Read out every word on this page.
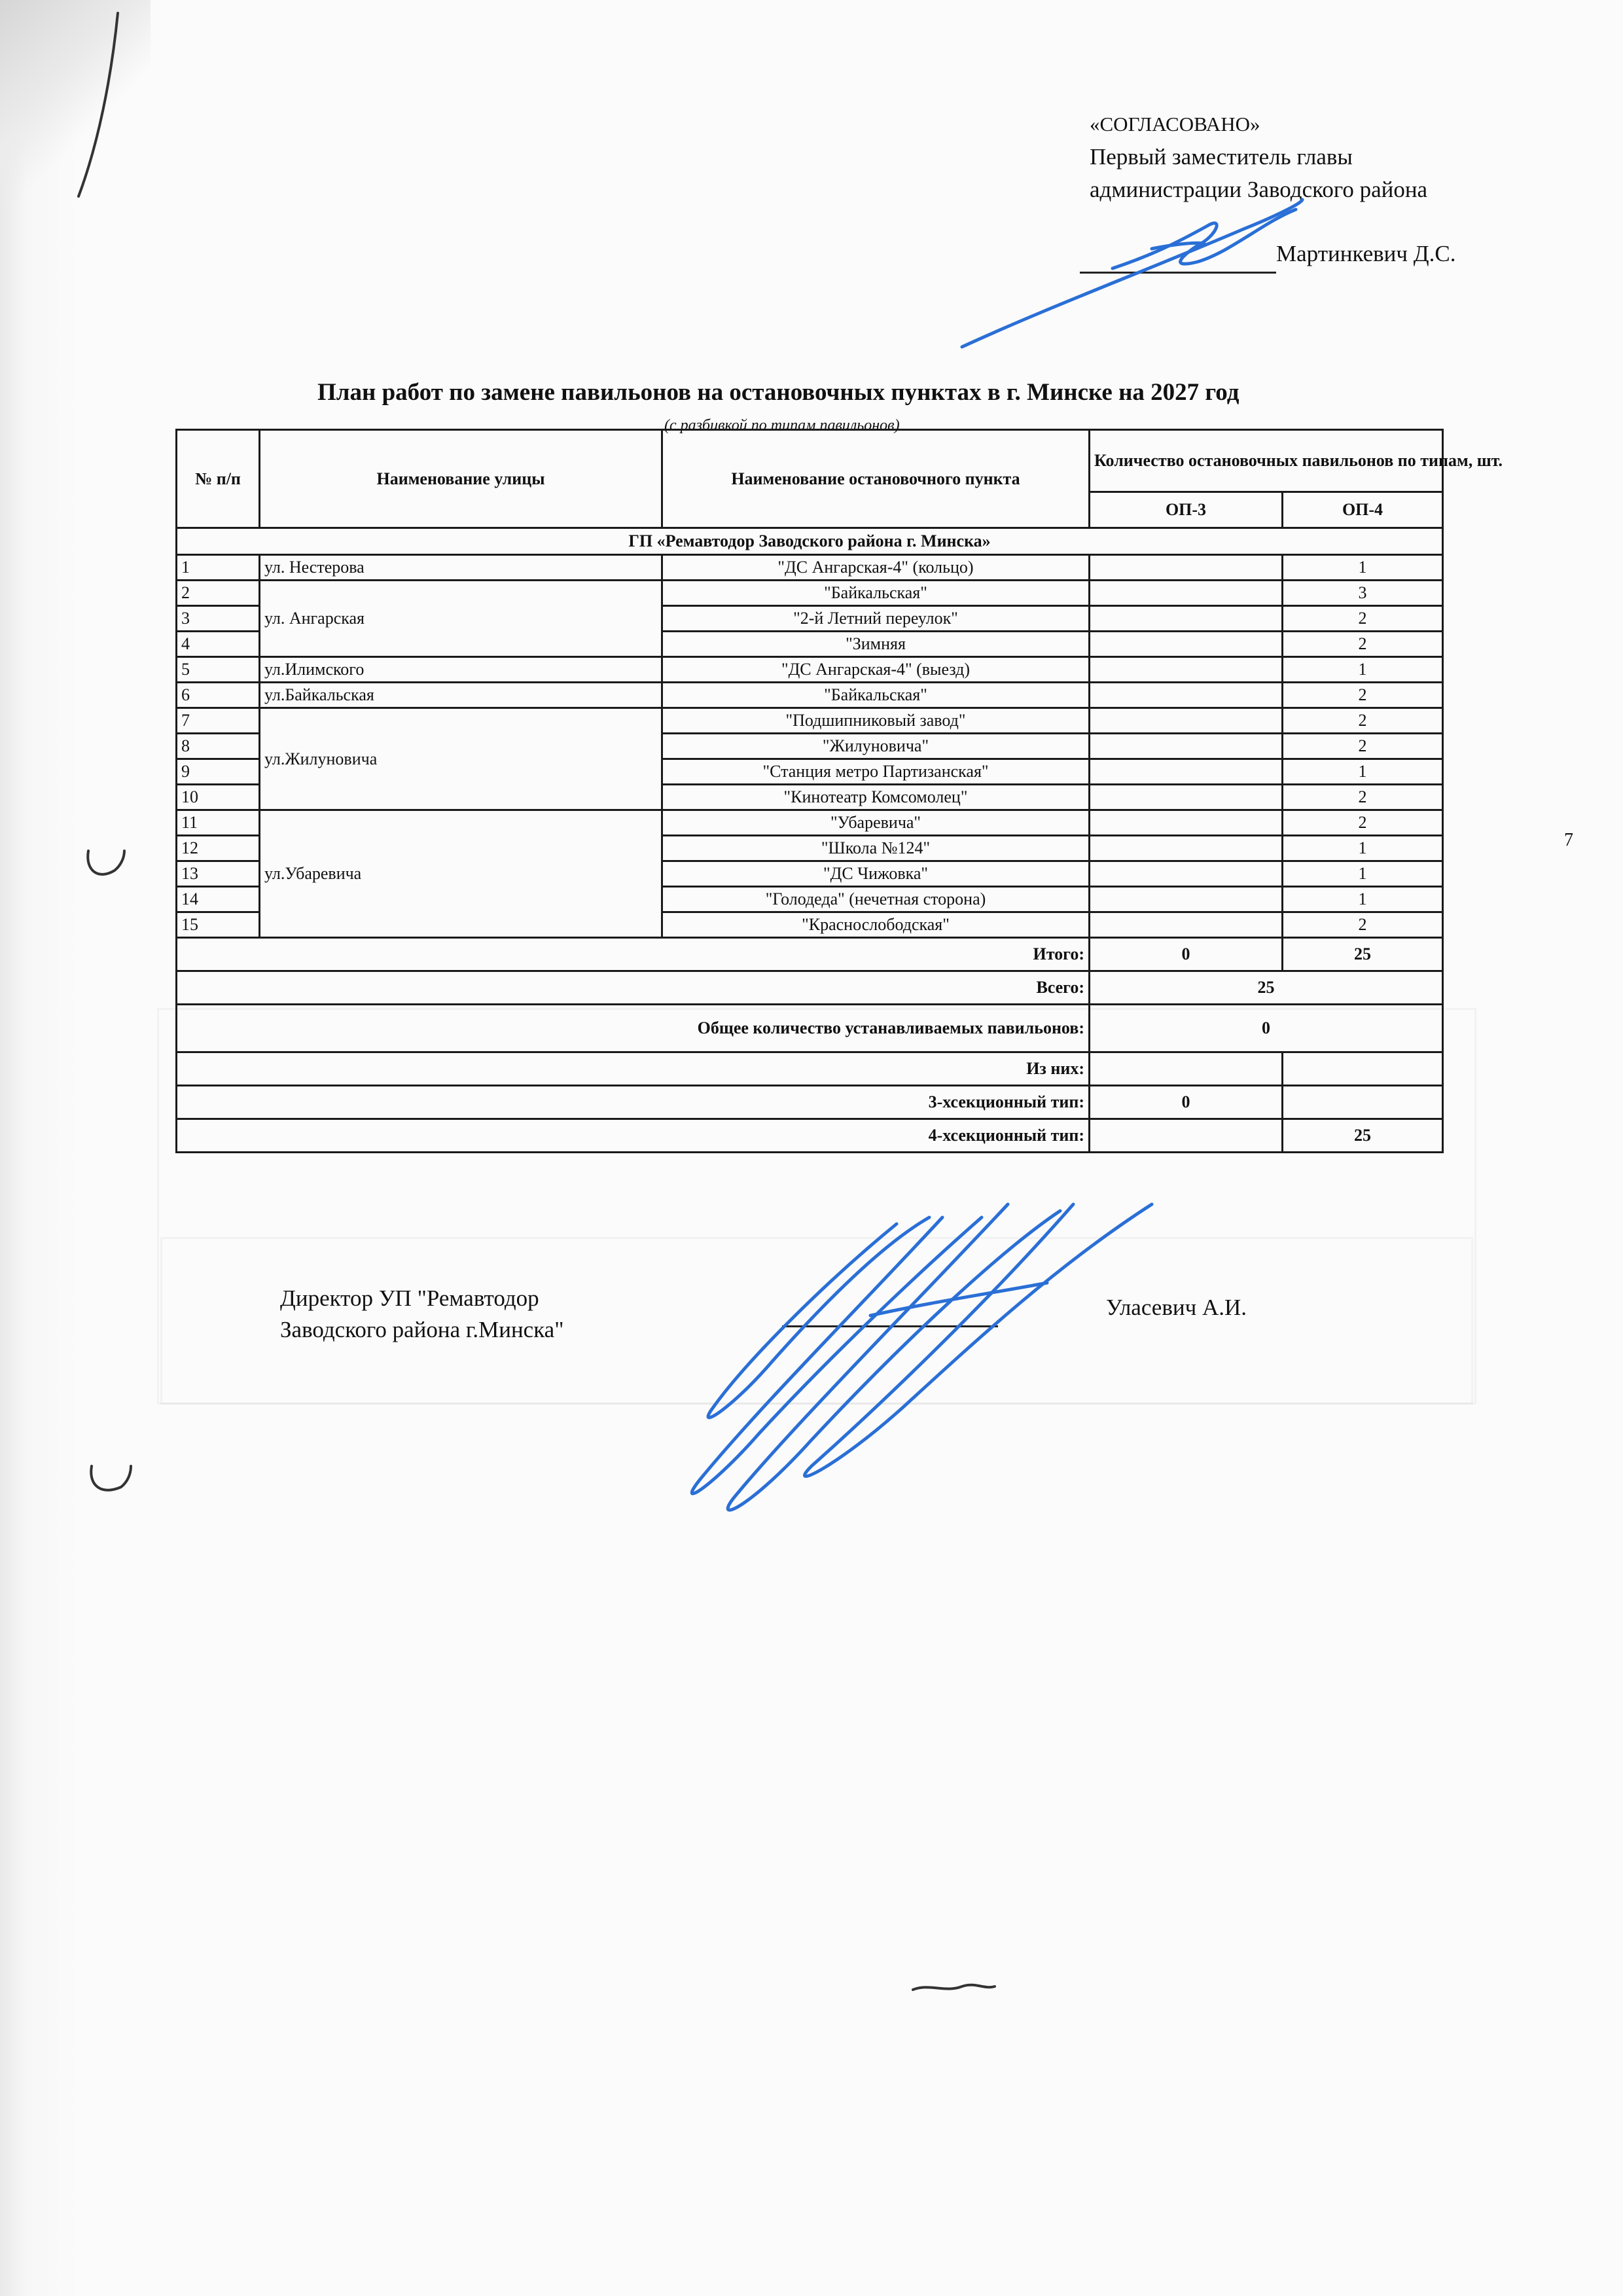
«СОГЛАСОВАНО»
Первый заместитель главы
администрации Заводского района
Мартинкевич Д.С.
План работ по замене павильонов на остановочных пунктах в г. Минске на 2027 год
(с разбивкой по типам павильонов)
№ п/п	Наименование улицы	Наименование остановочного пункта	Количество остановочных павильонов по типам, шт.	
			ОП-3	ОП-4
ГП «Ремавтодор Заводского района г. Минска»				
1	ул. Нестерова	"ДС Ангарская-4" (кольцо)		1
2	ул. Ангарская	"Байкальская"		3
3		"2-й Летний переулок"		2
4		"Зимняя		2
5	ул.Илимского	"ДС Ангарская-4" (выезд)		1
6	ул.Байкальская	"Байкальская"		2
7	ул.Жилуновича	"Подшипниковый завод"		2
8		"Жилуновича"		2
9		"Станция метро Партизанская"		1
10		"Кинотеатр Комсомолец"		2
11	ул.Убаревича	"Убаревича"		2
12		"Школа №124"		1
13		"ДС Чижовка"		1
14		"Голодеда" (нечетная сторона)		1
15		"Краснослободская"		2
Итого:			0	25
Всего:			25	
Общее количество устанавливаемых павильонов:			0	
Из них:				
3-хсекционный тип:			0	
4-хсекционный тип:				25
7
Директор УП "Ремавтодор
Заводского района г.Минска"
Уласевич А.И.
